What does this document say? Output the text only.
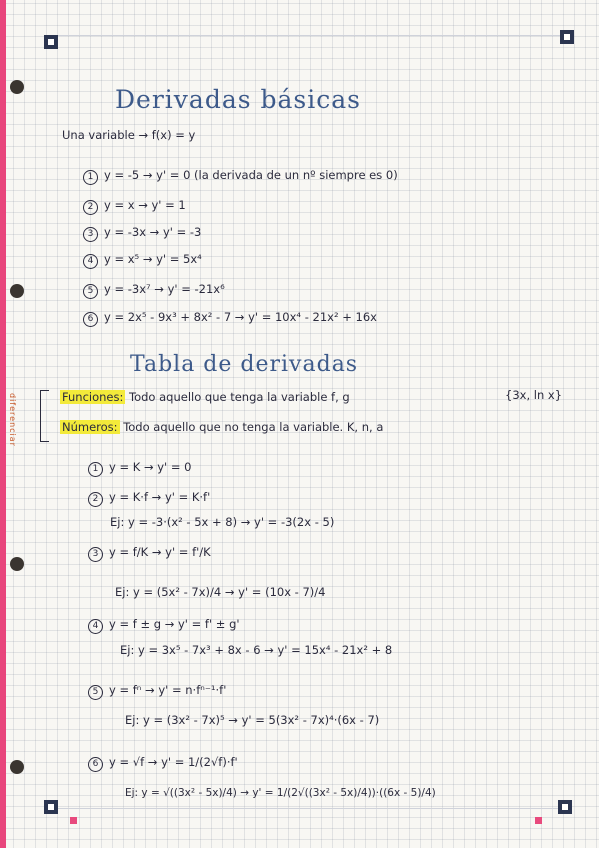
Derivadas básicas
Una variable → f(x) = y
1 y = -5 → y' = 0 (la derivada de un nº siempre es 0)
2 y = x → y' = 1
3 y = -3x → y' = -3
4 y = x⁵ → y' = 5x⁴
5 y = -3x⁷ → y' = -21x⁶
6 y = 2x⁵ - 9x³ + 8x² - 7 → y' = 10x⁴ - 21x² + 16x
Tabla de derivadas
diferenciar	Funciones: Todo aquello que tenga la variable f, g	{3x, ln x}
Números: Todo aquello que no tenga la variable. K, n, a
1 y = K → y' = 0
2 y = K·f → y' = K·f'
Ej: y = -3·(x² - 5x + 8) → y' = -3(2x - 5)
3 y = f/K → y' = f'/K
Ej: y = (5x² - 7x)/4 → y' = (10x - 7)/4
4 y = f ± g → y' = f' ± g'
Ej: y = 3x⁵ - 7x³ + 8x - 6 → y' = 15x⁴ - 21x² + 8
5 y = fⁿ → y' = n·fⁿ⁻¹·f'
Ej: y = (3x² - 7x)⁵ → y' = 5(3x² - 7x)⁴·(6x - 7)
6 y = √f → y' = 1/(2√f)·f'
Ej: y = √((3x² - 5x)/4) → y' = 1/(2√((3x² - 5x)/4))·((6x - 5)/4)
